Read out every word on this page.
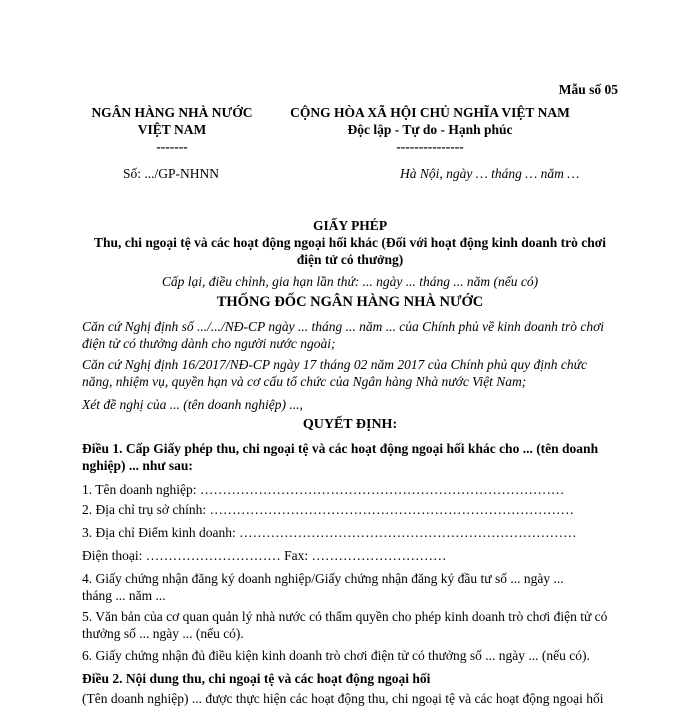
Mẫu số 05
NGÂN HÀNG NHÀ NƯỚC
VIỆT NAM
-------
CỘNG HÒA XÃ HỘI CHỦ NGHĨA VIỆT NAM
Độc lập - Tự do - Hạnh phúc
---------------
Số: .../GP-NHNN	Hà Nội, ngày … tháng … năm …
GIẤY PHÉP
Thu, chi ngoại tệ và các hoạt động ngoại hối khác (Đối với hoạt động kinh doanh trò chơi
điện tử có thưởng)
Cấp lại, điều chỉnh, gia hạn lần thứ: ... ngày ... tháng ... năm (nếu có)
THỐNG ĐỐC NGÂN HÀNG NHÀ NƯỚC
Căn cứ Nghị định số .../.../NĐ-CP ngày ... tháng ... năm ... của Chính phủ về kinh doanh trò chơi
điện tử có thưởng dành cho người nước ngoài;
Căn cứ Nghị định 16/2017/NĐ-CP ngày 17 tháng 02 năm 2017 của Chính phủ quy định chức
năng, nhiệm vụ, quyền hạn và cơ cấu tổ chức của Ngân hàng Nhà nước Việt Nam;
Xét đề nghị của ... (tên doanh nghiệp) ...,
QUYẾT ĐỊNH:
Điều 1. Cấp Giấy phép thu, chi ngoại tệ và các hoạt động ngoại hối khác cho ... (tên doanh
nghiệp) ... như sau:
1. Tên doanh nghiệp: ………………………………………………………………………
2. Địa chỉ trụ sở chính: ………………………………………………………………………
3. Địa chỉ Điểm kinh doanh: …………………………………………………………………
Điện thoại: ………………………… Fax: …………………………
4. Giấy chứng nhận đăng ký doanh nghiệp/Giấy chứng nhận đăng ký đầu tư số ... ngày ...
tháng ... năm ...
5. Văn bản của cơ quan quản lý nhà nước có thẩm quyền cho phép kinh doanh trò chơi điện tử có
thưởng số ... ngày ... (nếu có).
6. Giấy chứng nhận đủ điều kiện kinh doanh trò chơi điện tử có thưởng số ... ngày ... (nếu có).
Điều 2. Nội dung thu, chi ngoại tệ và các hoạt động ngoại hối
(Tên doanh nghiệp) ... được thực hiện các hoạt động thu, chi ngoại tệ và các hoạt động ngoại hối
